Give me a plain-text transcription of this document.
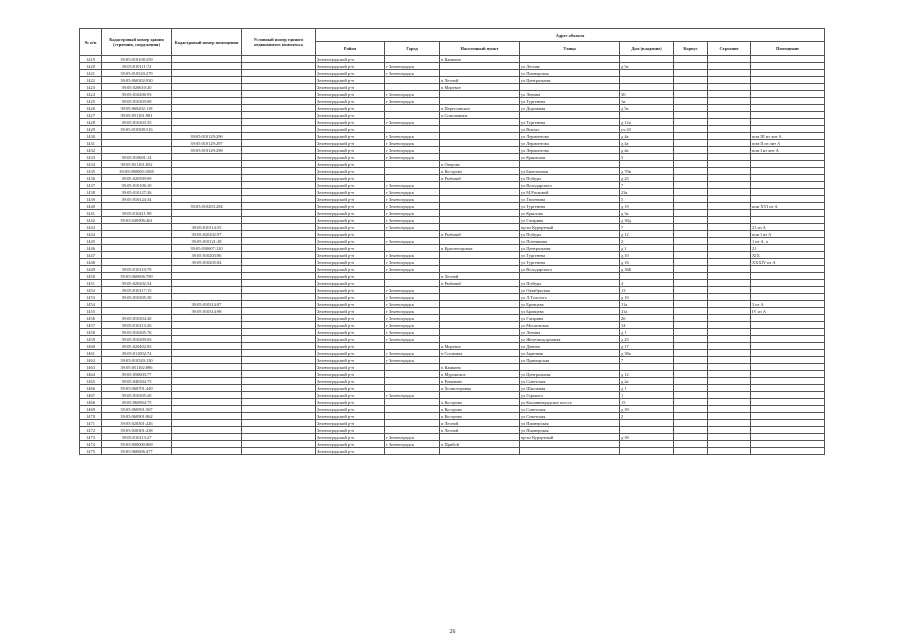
№ п/п	Кадастровый номер здания (строения, сооружения)	Кадастровый номер помещения	Условный номер единого недвижимого комплекса	Адрес объекта							
				Район	Город	Населенный пункт	Улица	Дом (владение)	Корпус	Строение	Помещение
1419	39:05:010108:259			Зеленоградский р-н		п Камкино					
1420	39:05:010111:72			Зеленоградский р-н	г Зеленоградск		ул Лесная	д 5а			
1421	39:05:010520:279			Зеленоградский р-н	г Зеленоградск		ул Пионерская				
1422	39:05:060302:930			Зеленоградский р-н		п Лесной	ул Центральная				
1423	39:05:020610:20			Зеленоградский р-н		п Моревое					
1424	39:05:010206:93			Зеленоградский р-н	г Зеленоградск		ул Ленина	30			
1425	39:05:010205:69			Зеленоградский р-н	г Зеленоградск		ул Тургенева	1в			
1426	39:05:060202:118			Зеленоградский р-н		п Переславское	ул Дорожная	д 5а			
1427	39:05:051101:981			Зеленоградский р-н		п Сокольники					
1428	39:05:010203:35			Зеленоградский р-н	г Зеленоградск		ул Тургенева	д 12а			
1429	39:05:010508:516			Зеленоградский р-н			ул Вокзал	уч 43			
1430		39:05:010129:296		Зеленоградский р-н	г Зеленоградск		ул Лермонтова	д 4а			пом III из лит А
1431		39:05:010129:297		Зеленоградский р-н	г Зеленоградск		ул Лермонтова	д 4а			пом II из лит А
1432		39:05:010129:298		Зеленоградский р-н	г Зеленоградск		ул Лермонтова	д 4а			пом I из лит А
1433	39:05:010601:14			Зеленоградский р-н	г Зеленоградск		ул Крымская	5			
1434	39:05:051101:852			Зеленоградский р-н		п Озерово					
1435	39:05:000000:1608			Зеленоградский р-н		п Кострово	ул Биатлонная	д 70в			
1436	39:05:020509:69			Зеленоградский р-н		п Рыбачий	ул Победы	д 25			
1437	39:05:010106:10			Зеленоградский р-н	г Зеленоградск		ул Володарского	7			
1438	39:05:010127:26			Зеленоградский р-н	г Зеленоградск		ул М.Расковой	23а			
1439	39:05:010124:34			Зеленоградский р-н	г Зеленоградск		ул Тюленина	5			
1440		39:05:010203:284		Зеленоградский р-н	г Зеленоградск		ул Тургенева	д 19			пом XVI из А
1441	39:05:010411:98			Зеленоградский р-н	г Зеленоградск		ул Крылова	д 3а			
1442	39:05:040906:461			Зеленоградский р-н	г Зеленоградск		ул Гагарина	д 38д			
1443		39:05:010114:55		Зеленоградский р-н	г Зеленоградск		пр-кт Курортный	7			21 из А
1444		39:05:020202:97		Зеленоградский р-н		п Рыбачий	ул Победы	д 12			пом I из А
1445		39:05:010121:28		Зеленоградский р-н	г Зеленоградск		ул Потемкина	2			1 из А, а
1446		39:05:030607:120		Зеленоградский р-н		п Красноторовка	ул Центральная	д 1			21
1447		39:05:010203:86		Зеленоградский р-н	г Зеленоградск		ул Тургенева	д 10			XIX
1448		39:05:010205:84		Зеленоградский р-н	г Зеленоградск		ул Тургенева	д 16			XXXIV из А
1449	39:05:010110:79			Зеленоградский р-н	г Зеленоградск		ул Володарского	д 36Б			
1450	39:05:060606:789			Зеленоградский р-н		п Лесной					
1451	39:05:020202:54			Зеленоградский р-н		п Рыбачий	ул Победы	4			
1452	39:05:010117:15			Зеленоградский р-н	г Зеленоградск		ул Октябрьская	13			
1453	39:05:010305:30			Зеленоградский р-н	г Зеленоградск		ул Л.Толстого	д 10			
1454		39:05:010314:87		Зеленоградский р-н	г Зеленоградск		ул Бровцева	11а			3 из А
1455		39:05:010314:98		Зеленоградский р-н	г Зеленоградск		ул Бровцева	11а			IV из А
1456	39:05:010304:20			Зеленоградский р-н	г Зеленоградск		ул Гагарина	26			
1457	39:05:010113:26			Зеленоградский р-н	г Зеленоградск		ул Московская	34			
1458	39:05:010205:76			Зеленоградский р-н	г Зеленоградск		ул Ленина	д 1			
1459	39:05:010209:65			Зеленоградский р-н	г Зеленоградск		ул Железнодорожная	д 25			
1460	39:05:020402:83			Зеленоградский р-н		п Моревое	ул Дачная	д 17			
1461	39:05:011002:74			Зеленоградский р-н	г Зеленоградск	п Сосновка	ул Заречная	д 38а			
1462	39:05:010520:130			Зеленоградский р-н	г Зеленоградск		ул Приморская	7			
1463	39:05:051102:886			Зеленоградский р-н		п Камкино					
1464	39:05:050603:77			Зеленоградский р-н		п Муромское	ул Центральная	д 12			
1465	39:05:040304:75			Зеленоградский р-н		п Романово	ул Советская	д 2а			
1466	39:05:060701:449			Зеленоградский р-н		п Холмогоровка	ул Школьная	д 1			
1467	39:05:010305:20			Зеленоградский р-н	г Зеленоградск		ул Горького	1			
1468	39:05:060904:75			Зеленоградский р-н		п Кострово	ул Калининградское шоссе	15			
1469	39:05:060901:567			Зеленоградский р-н		п Кострово	ул Советская	д 39			
1470	39:05:060901:862			Зеленоградский р-н		п Кострово	ул Советская	2			
1471	39:05:020301:226			Зеленоградский р-н		п Лесной	ул Пионерская				
1472	39:05:020301:238			Зеленоградский р-н		п Лесной	ул Пионерская				
1473	39:05:010113:27			Зеленоградский р-н	г Зеленоградск		пр-кт Курортный	д 39			
1474	39:05:000000:869			Зеленоградский р-н	г Зеленоградск	п Прибой					
1475	39:05:060606:477			Зеленоградский р-н							
26
